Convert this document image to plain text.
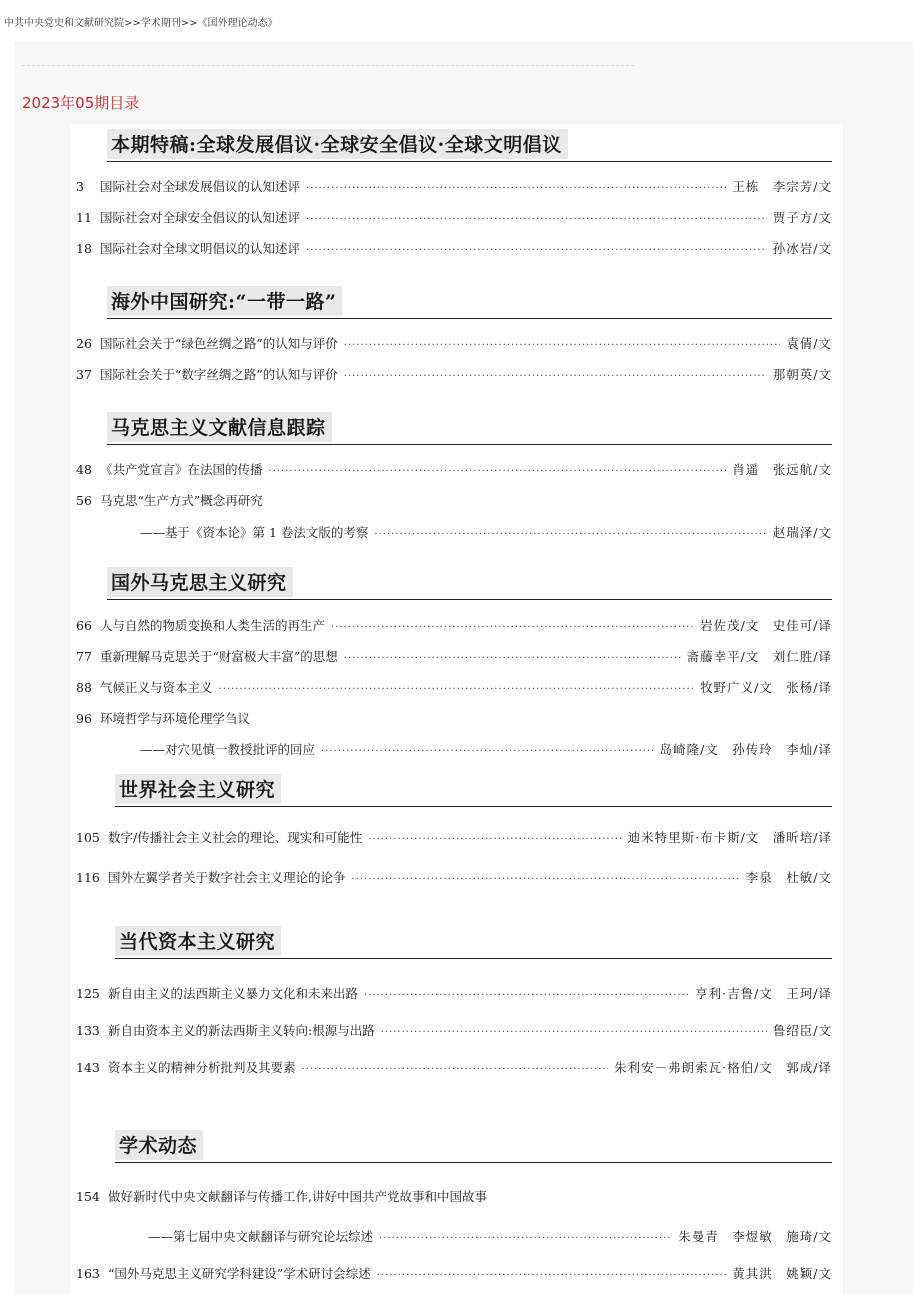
中共中央党史和文献研究院>>学术期刊>>《国外理论动态》
2023年05期目录
本期特稿:全球发展倡议·全球安全倡议·全球文明倡议
3	国际社会对全球发展倡议的认知述评 ·····	王栋　李宗芳/文
11 国际社会对全球安全倡议的认知述评 ·····	贾子方/文
18 国际社会对全球文明倡议的认知述评 ·····	孙冰岩/文
海外中国研究:“一带一路”
26 国际社会关于“绿色丝绸之路”的认知与评价 ·····	袁倩/文
37 国际社会关于“数字丝绸之路”的认知与评价 ·····	那朝英/文
马克思主义文献信息跟踪
48 《共产党宣言》在法国的传播 ·····	肖遥　张远航/文
56 马克思“生产方式”概念再研究
——基于《资本论》第 1 卷法文版的考察 ·····	赵瑞泽/文
国外马克思主义研究
66 人与自然的物质变换和人类生活的再生产 ·····	岩佐茂/文　史佳可/译
77 重新理解马克思关于“财富极大丰富”的思想 ·····	斋藤幸平/文　刘仁胜/译
88 气候正义与资本主义 ·····	牧野广义/文　张杨/译
96 环境哲学与环境伦理学刍议
——对穴见慎一教授批评的回应 ·····	岛崎隆/文　孙传玲　李灿/译
世界社会主义研究
105 数字/传播社会主义社会的理论、现实和可能性 ·····	迪米特里斯·布卡斯/文　潘昕培/译
116 国外左翼学者关于数字社会主义理论的论争 ·····	李泉　杜敏/文
当代资本主义研究
125 新自由主义的法西斯主义暴力文化和未来出路 ·····	亨利·吉鲁/文　王珂/译
133 新自由资本主义的新法西斯主义转向:根源与出路 ·····	鲁绍臣/文
143 资本主义的精神分析批判及其要素 ·····	朱利安－弗朗索瓦·格伯/文　郭成/译
学术动态
154 做好新时代中央文献翻译与传播工作,讲好中国共产党故事和中国故事
——第七届中央文献翻译与研究论坛综述 ·····	朱曼青　李煜敏　施琦/文
163 “国外马克思主义研究学科建设”学术研讨会综述 ·····	黄其洪　姚颖/文
